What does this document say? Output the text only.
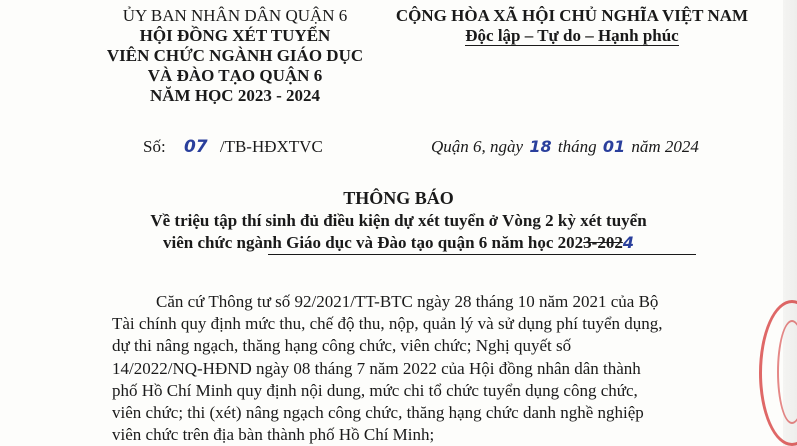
ỦY BAN NHÂN DÂN QUẬN 6
HỘI ĐỒNG XÉT TUYỂN
VIÊN CHỨC NGÀNH GIÁO DỤC
VÀ ĐÀO TẠO QUẬN 6
NĂM HỌC 2023 - 2024
CỘNG HÒA XÃ HỘI CHỦ NGHĨA VIỆT NAM
Độc lập – Tự do – Hạnh phúc
Số: 07 /TB-HĐXTVC	Quận 6, ngày 18 tháng 01 năm 2024
THÔNG BÁO
Về triệu tập thí sinh đủ điều kiện dự xét tuyển ở Vòng 2 kỳ xét tuyển
viên chức ngành Giáo dục và Đào tạo quận 6 năm học 2023-2024
Căn cứ Thông tư số 92/2021/TT-BTC ngày 28 tháng 10 năm 2021 của Bộ
Tài chính quy định mức thu, chế độ thu, nộp, quản lý và sử dụng phí tuyển dụng,
dự thi nâng ngạch, thăng hạng công chức, viên chức; Nghị quyết số
14/2022/NQ-HĐND ngày 08 tháng 7 năm 2022 của Hội đồng nhân dân thành
phố Hồ Chí Minh quy định nội dung, mức chi tổ chức tuyển dụng công chức,
viên chức; thi (xét) nâng ngạch công chức, thăng hạng chức danh nghề nghiệp
viên chức trên địa bàn thành phố Hồ Chí Minh;
